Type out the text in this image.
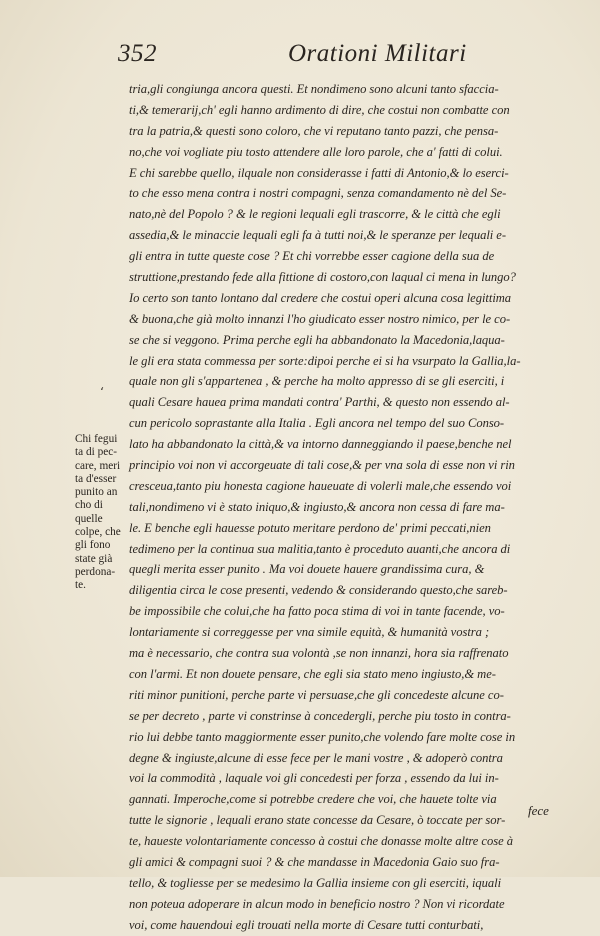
352	Orationi Militari
‘
Chi fegui
ta di pec-
care, meri
ta d'esser
punito an
cho di
quelle
colpe, che
gli fono
state già
perdona-
te.
tria,gli congiunga ancora questi. Et nondimeno sono alcuni tanto sfaccia-
ti,& temerarij,ch' egli hanno ardimento di dire, che costui non combatte con
tra la patria,& questi sono coloro, che vi reputano tanto pazzi, che pensa-
no,che voi vogliate piu tosto attendere alle loro parole, che a' fatti di colui.
E chi sarebbe quello, ilquale non considerasse i fatti di Antonio,& lo eserci-
to che esso mena contra i nostri compagni, senza comandamento nè del Se-
nato,nè del Popolo ? & le regioni lequali egli trascorre, & le città che egli
assedia,& le minaccie lequali egli fa à tutti noi,& le speranze per lequali e-
gli entra in tutte queste cose ? Et chi vorrebbe esser cagione della sua de
struttione,prestando fede alla fittione di costoro,con laqual ci mena in lungo?
Io certo son tanto lontano dal credere che costui operi alcuna cosa legittima
& buona,che già molto innanzi l'ho giudicato esser nostro nimico, per le co-
se che si veggono. Prima perche egli ha abbandonato la Macedonia,laqua-
le gli era stata commessa per sorte:dipoi perche ei si ha vsurpato la Gallia,la-
quale non gli s'appartenea , & perche ha molto appresso di se gli eserciti, i
quali Cesare hauea prima mandati contra' Parthi, & questo non essendo al-
cun pericolo soprastante alla Italia . Egli ancora nel tempo del suo Conso-
lato ha abbandonato la città,& va intorno danneggiando il paese,benche nel
principio voi non vi accorgeuate di tali cose,& per vna sola di esse non vi rin
cresceua,tanto piu honesta cagione haueuate di volerli male,che essendo voi
tali,nondimeno vi è stato iniquo,& ingiusto,& ancora non cessa di fare ma-
le. E benche egli hauesse potuto meritare perdono de' primi peccati,nien
tedimeno per la continua sua malitia,tanto è proceduto auanti,che ancora di
quegli merita esser punito . Ma voi douete hauere grandissima cura, &
diligentia circa le cose presenti, vedendo & considerando questo,che sareb-
be impossibile che colui,che ha fatto poca stima di voi in tante facende, vo-
lontariamente si correggesse per vna simile equità, & humanità vostra ;
ma è necessario, che contra sua volontà ,se non innanzi, hora sia raffrenato
con l'armi. Et non douete pensare, che egli sia stato meno ingiusto,& me-
riti minor punitioni, perche parte vi persuase,che gli concedeste alcune co-
se per decreto , parte vi constrinse à concedergli, perche piu tosto in contra-
rio lui debbe tanto maggiormente esser punito,che volendo fare molte cose in
degne & ingiuste,alcune di esse fece per le mani vostre , & adoperò contra
voi la commodità , laquale voi gli concedesti per forza , essendo da lui in-
gannati. Imperoche,come si potrebbe credere che voi, che hauete tolte via
tutte le signorie , lequali erano state concesse da Cesare, ò toccate per sor-
te, haueste volontariamente concesso à costui che donasse molte altre cose à
gli amici & compagni suoi ? & che mandasse in Macedonia Gaio suo fra-
tello, & togliesse per se medesimo la Gallia insieme con gli eserciti, iquali
non poteua adoperare in alcun modo in beneficio nostro ? Non vi ricordate
voi, come hauendoui egli trouati nella morte di Cesare tutti conturbati,
fece
